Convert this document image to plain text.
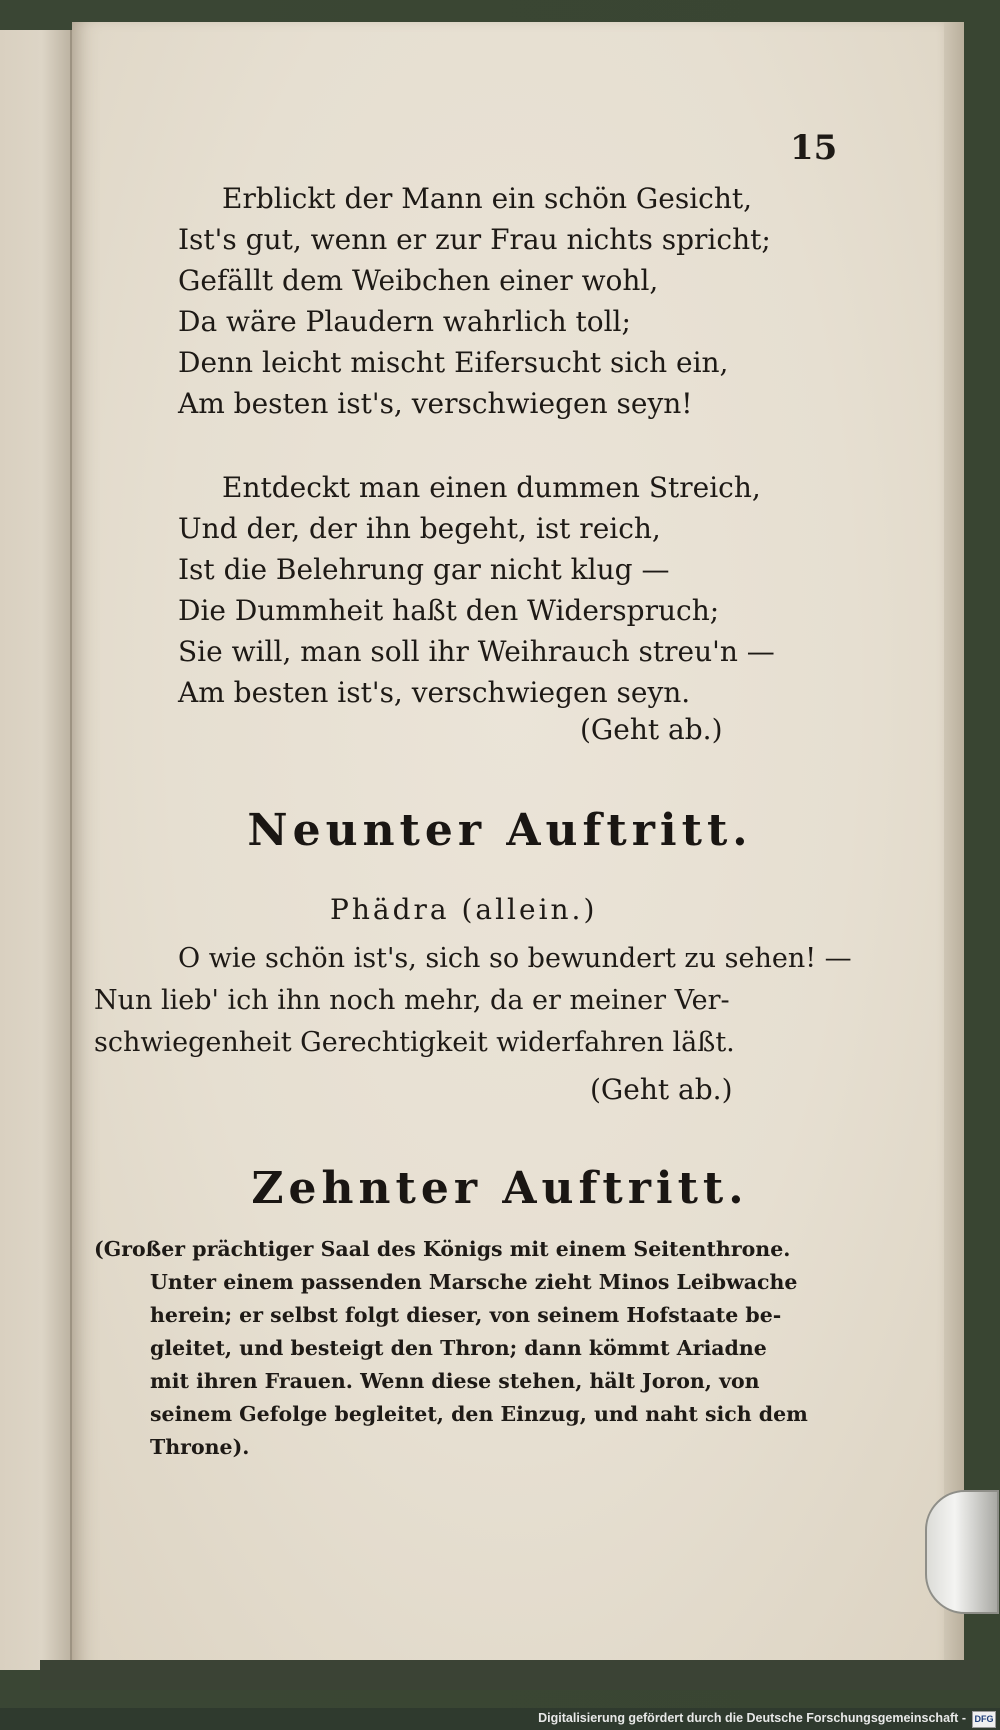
15
Erblickt der Mann ein schön Gesicht,
Ist's gut, wenn er zur Frau nichts spricht;
Gefällt dem Weibchen einer wohl,
Da wäre Plaudern wahrlich toll;
Denn leicht mischt Eifersucht sich ein,
Am besten ist's, verschwiegen seyn!
Entdeckt man einen dummen Streich,
Und der, der ihn begeht, ist reich,
Ist die Belehrung gar nicht klug —
Die Dummheit haßt den Widerspruch;
Sie will, man soll ihr Weihrauch streu'n —
Am besten ist's, verschwiegen seyn.
(Geht ab.)
Neunter Auftritt.
Phädra (allein.)
O wie schön ist's, sich so bewundert zu sehen! —
Nun lieb' ich ihn noch mehr, da er meiner Ver-
schwiegenheit Gerechtigkeit widerfahren läßt.
(Geht ab.)
Zehnter Auftritt.
(Großer prächtiger Saal des Königs mit einem Seitenthrone.
Unter einem passenden Marsche zieht Minos Leibwache
herein; er selbst folgt dieser, von seinem Hofstaate be-
gleitet, und besteigt den Thron; dann kömmt Ariadne
mit ihren Frauen. Wenn diese stehen, hält Joron, von
seinem Gefolge begleitet, den Einzug, und naht sich dem
Throne).
Digitalisierung gefördert durch die Deutsche Forschungsgemeinschaft - DFG
